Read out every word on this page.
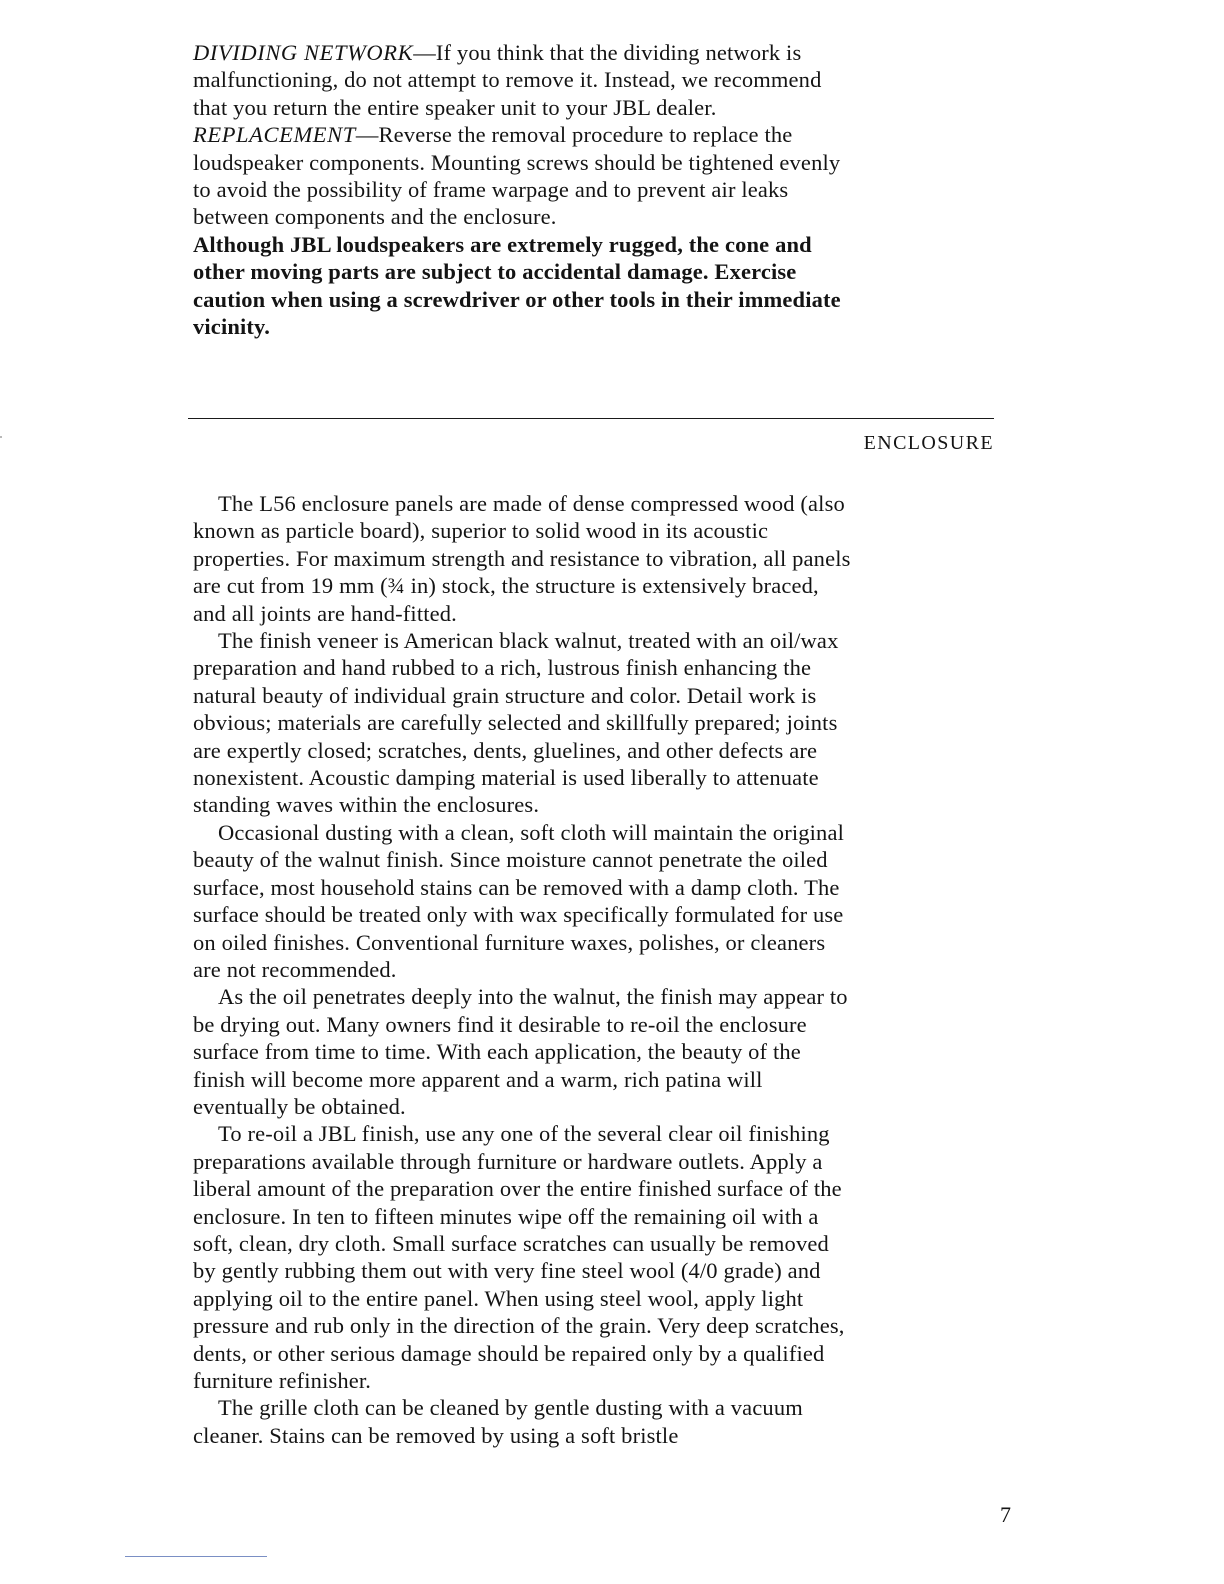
DIVIDING NETWORK—If you think that the dividing network is malfunctioning, do not attempt to remove it. Instead, we recommend that you return the entire speaker unit to your JBL dealer.

REPLACEMENT—Reverse the removal procedure to replace the loudspeaker components. Mounting screws should be tightened evenly to avoid the possibility of frame warpage and to prevent air leaks between components and the enclosure.

Although JBL loudspeakers are extremely rugged, the cone and other moving parts are subject to accidental damage. Exercise caution when using a screwdriver or other tools in their immediate vicinity.

ENCLOSURE

The L56 enclosure panels are made of dense compressed wood (also known as particle board), superior to solid wood in its acoustic properties. For maximum strength and resistance to vibration, all panels are cut from 19 mm (¾ in) stock, the structure is extensively braced, and all joints are hand-fitted.

The finish veneer is American black walnut, treated with an oil/wax preparation and hand rubbed to a rich, lustrous finish enhancing the natural beauty of individual grain structure and color. Detail work is obvious; materials are carefully selected and skillfully prepared; joints are expertly closed; scratches, dents, gluelines, and other defects are nonexistent. Acoustic damping material is used liberally to attenuate standing waves within the enclosures.

Occasional dusting with a clean, soft cloth will maintain the original beauty of the walnut finish. Since moisture cannot penetrate the oiled surface, most household stains can be removed with a damp cloth. The surface should be treated only with wax specifically formulated for use on oiled finishes. Conventional furniture waxes, polishes, or cleaners are not recommended.

As the oil penetrates deeply into the walnut, the finish may appear to be drying out. Many owners find it desirable to re-oil the enclosure surface from time to time. With each application, the beauty of the finish will become more apparent and a warm, rich patina will eventually be obtained.

To re-oil a JBL finish, use any one of the several clear oil finishing preparations available through furniture or hardware outlets. Apply a liberal amount of the preparation over the entire finished surface of the enclosure. In ten to fifteen minutes wipe off the remaining oil with a soft, clean, dry cloth. Small surface scratches can usually be removed by gently rubbing them out with very fine steel wool (4/0 grade) and applying oil to the entire panel. When using steel wool, apply light pressure and rub only in the direction of the grain. Very deep scratches, dents, or other serious damage should be repaired only by a qualified furniture refinisher.

The grille cloth can be cleaned by gentle dusting with a vacuum cleaner. Stains can be removed by using a soft bristle

7
